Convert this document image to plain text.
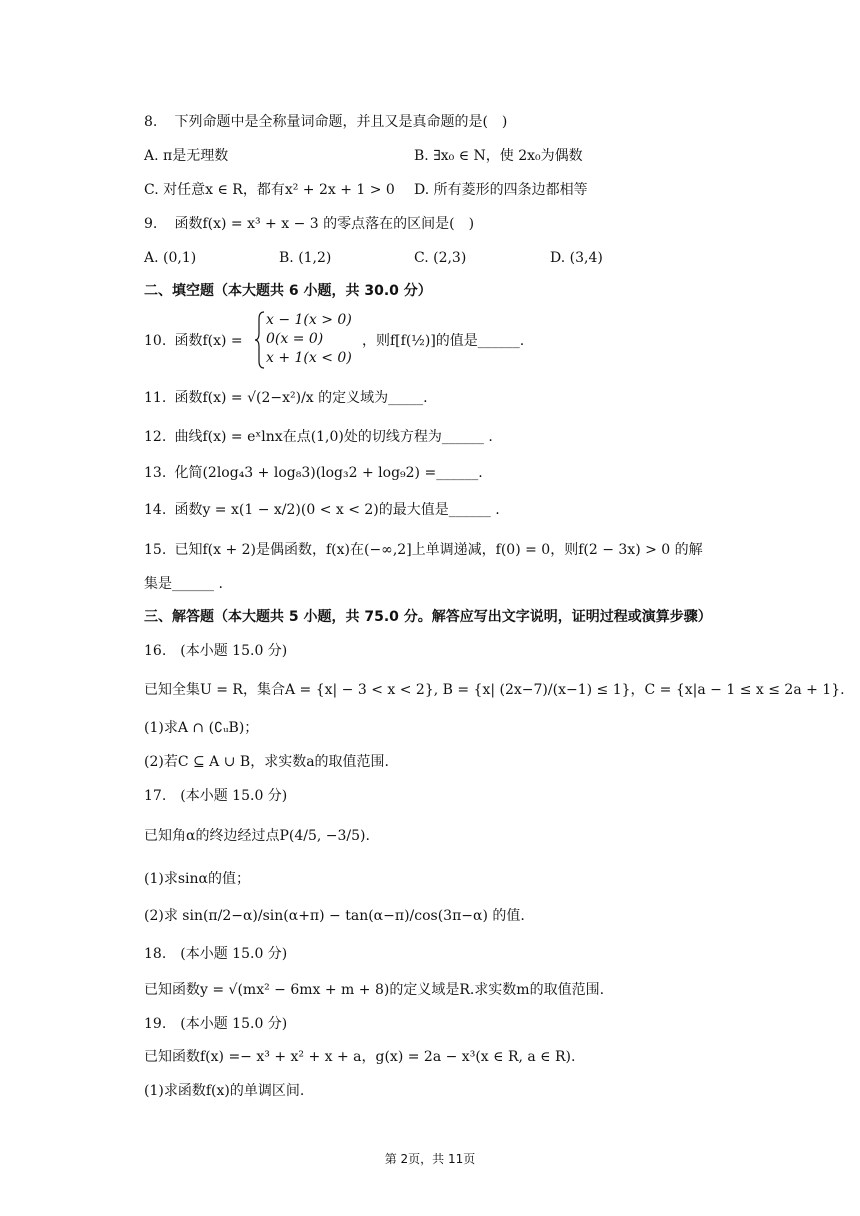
8. 下列命题中是全称量词命题，并且又是真命题的是( )
A. π是无理数	B. ∃x₀ ∈ N，使 2x₀为偶数
C. 对任意x ∈ R，都有x² + 2x + 1 > 0 D. 所有菱形的四条边都相等
9. 函数f(x) = x³ + x − 3 的零点落在的区间是( )
A. (0,1)	B. (1,2)	C. (2,3)	D. (3,4)
二、填空题（本大题共 6 小题，共 30.0 分）
10. 函数f(x) =
x − 1(x > 0)
0(x = 0)
x + 1(x < 0)
，则f[f(½)]的值是______.
11. 函数f(x) = √(2−x²)/x 的定义域为_____.
12. 曲线f(x) = eˣlnx在点(1,0)处的切线方程为______ .
13. 化简(2log₄3 + log₈3)(log₃2 + log₉2) =______.
14. 函数y = x(1 − x/2)(0 < x < 2)的最大值是______ .
15. 已知f(x + 2)是偶函数，f(x)在(−∞,2]上单调递减，f(0) = 0，则f(2 − 3x) > 0 的解
集是______ .
三、解答题（本大题共 5 小题，共 75.0 分。解答应写出文字说明，证明过程或演算步骤）
16. (本小题 15.0 分)
已知全集U = R，集合A = {x| − 3 < x < 2}, B = {x| (2x−7)/(x−1) ≤ 1}，C = {x|a − 1 ≤ x ≤ 2a + 1}.
(1)求A ∩ (∁ᵤB)；
(2)若C ⊆ A ∪ B，求实数a的取值范围.
17. (本小题 15.0 分)
已知角α的终边经过点P(4/5, −3/5).
(1)求sinα的值；
(2)求 sin(π/2−α)/sin(α+π) − tan(α−π)/cos(3π−α) 的值.
18. (本小题 15.0 分)
已知函数y = √(mx² − 6mx + m + 8)的定义域是R.求实数m的取值范围.
19. (本小题 15.0 分)
已知函数f(x) =− x³ + x² + x + a，g(x) = 2a − x³(x ∈ R, a ∈ R).
(1)求函数f(x)的单调区间.
第 2页，共 11页
